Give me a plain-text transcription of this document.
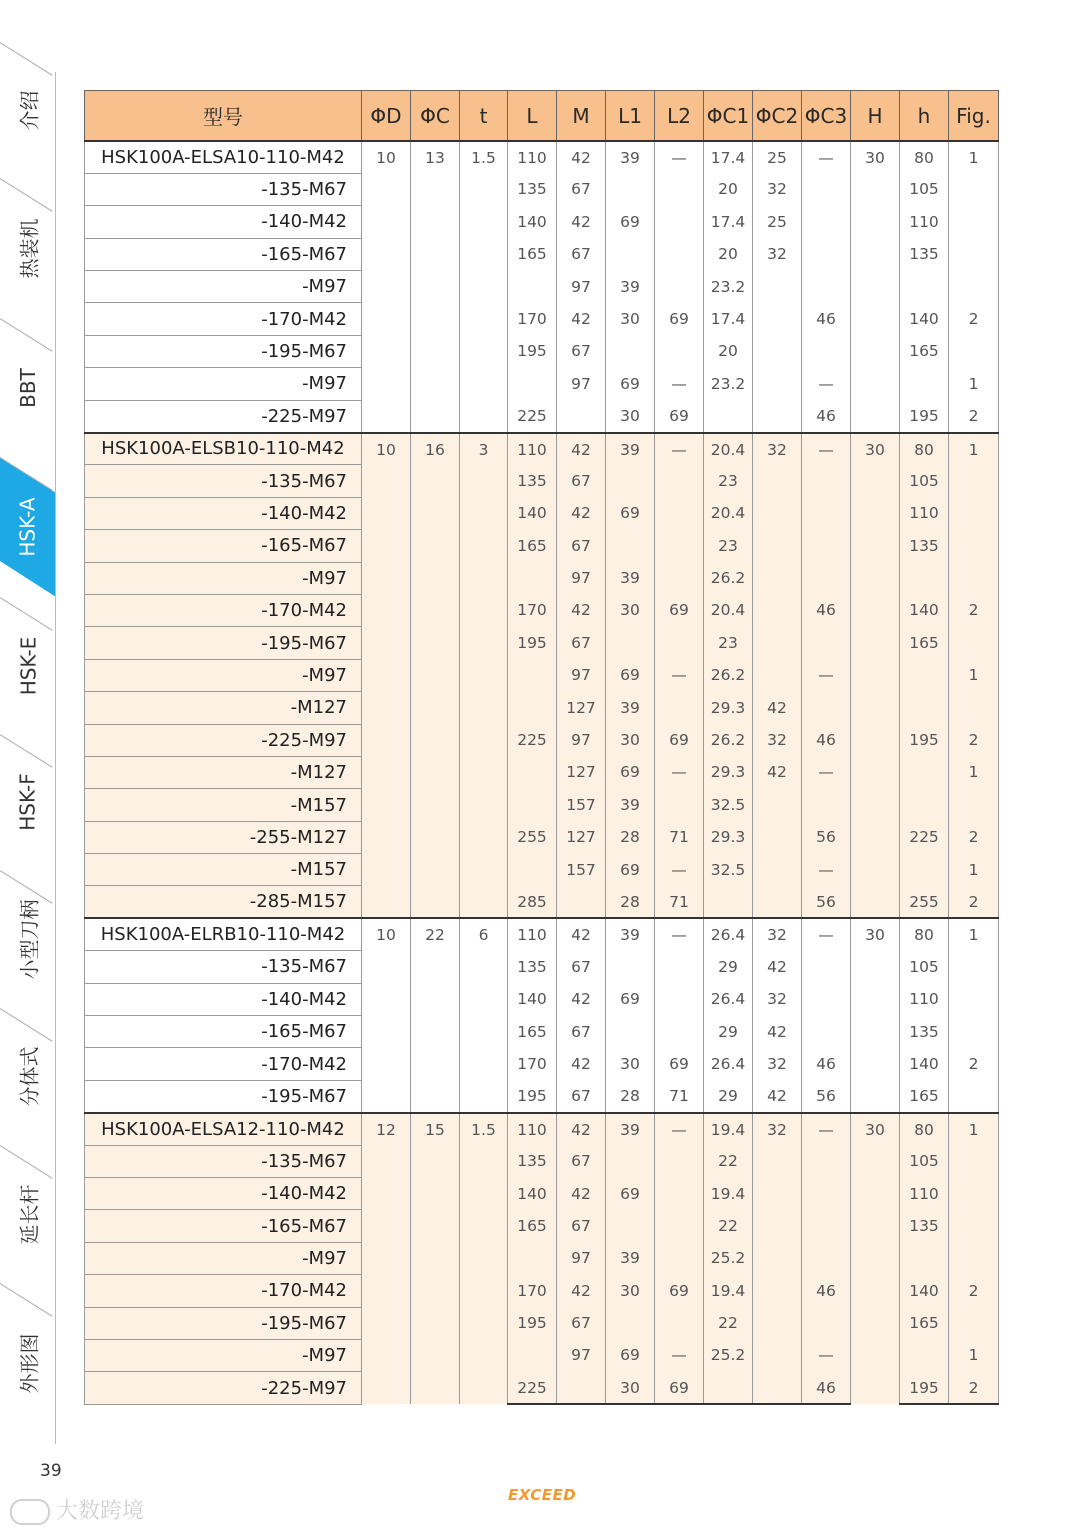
介绍
热装机
BBT
HSK-A
HSK-E
HSK-F
小型刀柄
分体式
延长杆
外形图
型号	ΦD	ΦC	t	L	M	L1	L2	ΦC1	ΦC2	ΦC3	H	h	Fig.
HSK100A-ELSA10-110-M42	10	13	1.5	110	42	39	—	17.4	25	—	30	80	1
-135-M67				135	67			20	32			105	
-140-M42				140	42	69		17.4	25			110	
-165-M67				165	67			20	32			135	
-M97					97	39		23.2					
-170-M42				170	42	30	69	17.4		46		140	2
-195-M67				195	67			20				165	
-M97					97	69	—	23.2		—			1
-225-M97				225		30	69			46		195	2
HSK100A-ELSB10-110-M42	10	16	3	110	42	39	—	20.4	32	—	30	80	1
-135-M67				135	67			23				105	
-140-M42				140	42	69		20.4				110	
-165-M67				165	67			23				135	
-M97					97	39		26.2					
-170-M42				170	42	30	69	20.4		46		140	2
-195-M67				195	67			23				165	
-M97					97	69	—	26.2		—			1
-M127					127	39		29.3	42				
-225-M97				225	97	30	69	26.2	32	46		195	2
-M127					127	69	—	29.3	42	—			1
-M157					157	39		32.5					
-255-M127				255	127	28	71	29.3		56		225	2
-M157					157	69	—	32.5		—			1
-285-M157				285		28	71			56		255	2
HSK100A-ELRB10-110-M42	10	22	6	110	42	39	—	26.4	32	—	30	80	1
-135-M67				135	67			29	42			105	
-140-M42				140	42	69		26.4	32			110	
-165-M67				165	67			29	42			135	
-170-M42				170	42	30	69	26.4	32	46		140	2
-195-M67				195	67	28	71	29	42	56		165	
HSK100A-ELSA12-110-M42	12	15	1.5	110	42	39	—	19.4	32	—	30	80	1
-135-M67				135	67			22				105	
-140-M42				140	42	69		19.4				110	
-165-M67				165	67			22				135	
-M97					97	39		25.2					
-170-M42				170	42	30	69	19.4		46		140	2
-195-M67				195	67			22				165	
-M97					97	69	—	25.2		—			1
-225-M97				225		30	69			46		195	2
39
EXCEED
大数跨境
